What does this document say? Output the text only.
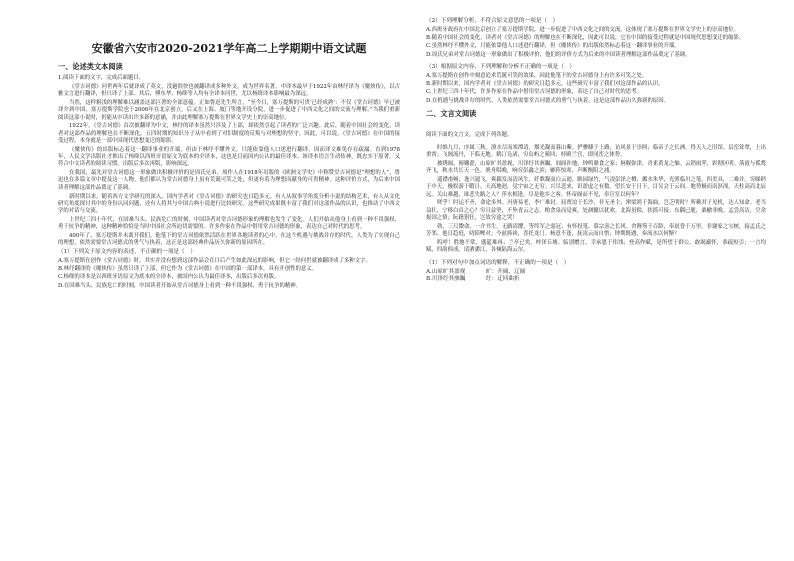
安徽省六安市2020-2021学年高二上学期期中语文试题
一、论述类文本阅读

1.阅读下面的文字，完成后面题目。

《堂吉诃德》问世两年后就译成了英文，没過很快也被翻译成多种外文，成为世界名著。中译本最早于1922年由林纾译为《魔侠传》，以古雅文言进行翻译，但只译了上部。其后，傅东华、杨绛等人均有全译本问世，尤以杨绛译本影响最为深远。

当然，这样粗浅的理解难以涵盖这部巨著的全部意蕴。正如鲁迅先生所言，“至今日，塞万提斯的可贵‘已经成熟’：不仅《堂吉诃德》早已被译介到中国，塞万提斯学院也于2006年在北京创立，后又在上海、厦门等地开设分院，进一步促进了中西文化之间的交流与理解。”当我们重新阅读这部小说时，仍能从中读出许多新的意涵，并由此理解塞万提斯在世界文学史上的崇高地位。

1922年，《堂吉诃德》首次被翻译为中文，林纾的译本虽然只涉及了上部，却依然引起了读者的广泛兴趣。此后，随着中国社会的变化，读者对这部作品的理解也在不断深化。五四时期的知识分子从中看到了对旧制度的反叛与对理想的坚守。因此，可以说，《堂吉诃德》在中国的接受过程，本身就是一部中国现代思想变迁的缩影。

《魔侠传》的出版标志着这一翻译事业的开端，但由于林纾不懂外文，只能依靠他人口述进行翻译，因而译文难免存在疏漏。直到1978年，人民文学出版社才推出了杨绛以西班牙语原文为底本的全译本，这也是目前国内公认的最佳译本。该译本语言生动传神，既忠实于原著，又符合中文读者的阅读习惯，出版后多次再版，影响深远。

在我国，最先对堂吉诃德这一形象做出积极评价的是周氏兄弟。周作人在1918年出版的《欧洲文学史》中称赞堂吉诃德是“理想的人”，鲁迅也在多篇文章中提及这一人物。他们都认为堂吉诃德身上虽有荒诞可笑之处，但更有着为理想而献身的可贵精神。这种评价方式，为后来中国读者理解这部作品奠定了基调。

新时期以来，随着西方文学研究的深入，国内学者对《堂吉诃德》的研究也日趋多元。有人从叙事学角度分析小说的结构艺术，有人从文化研究角度探讨其中的身份认同问题，还有人将其与中国古典小说进行比较研究。这些研究成果既丰富了我们对这部作品的认识，也推动了中西文学的对话与交流。

上世纪三四十年代，在国难当头、民族危亡的时刻，中国读者对堂吉诃德形象的理解也发生了变化。人们开始从他身上看到一种不畏强权、勇于抗争的精神，这种精神恰恰是当时中国社会所迫切需要的。许多作家在作品中借用堂吉诃德的形象，表达自己对时代的思考。

400年了，塞万提斯并未离开我们。他笔下的堂吉诃德依然活跃在世界各地读者的心中。在这个机遇与挑战并存的时代，人类为了实现自己的理想，依然需要堂吉诃德式的勇气与执着，这正是这部经典作品历久弥新的原因所在。

（1）下列关于原文内容的表述，不正确的一项是（　）
A.塞万提斯在创作《堂吉诃德》时，其实并没有想到这部作品会在日后产生如此深远的影响，但它一经问世就被翻译成了多种文字。
B.林纾翻译的《魔侠传》虽然只译了上部，但它作为《堂吉诃德》在中国的第一部译本，具有开创性的意义。
C.杨绛的译本是以西班牙语原文为底本的全译本，被国内公认为最佳译本，出版后多次再版。
D.在国难当头、民族危亡的时刻，中国读者开始从堂吉诃德身上看到一种不畏强权、勇于抗争的精神。
（2）下列理解分析，不符合原文意思的一项是（　）
A.西班牙政府在中国北京创立了塞万提斯学院，进一步促进了中西文化之间的交流，这体现了塞万提斯在世界文学史上的崇高地位。
B.随着中国社会的变化，读者对《堂吉诃德》的理解也在不断深化，因此可以说，它在中国的接受过程就是中国现代思想变迁的缩影。
C.虽然林纾不懂外文，只能依靠他人口述进行翻译，但《魔侠传》的出版依然标志着这一翻译事业的开端。
D.周氏兄弟对堂吉诃德这一形象做出了积极评价，他们的评价方式为后来的中国读者理解这部作品奠定了基调。
（3）根据原文内容，下列理解和分析不正确的一项是（　）
A.塞万提斯在创作中刻意追求荒诞可笑的效果，因此他笔下的堂吉诃德身上有许多可笑之处。
B.新时期以来，国内学者对《堂吉诃德》的研究日趋多元，这些研究丰富了我们对这部作品的认识。
C.上世纪三四十年代，许多作家在作品中借用堂吉诃德的形象，表达了自己对时代的思考。
D.在机遇与挑战并存的时代，人类依然需要堂吉诃德式的勇气与执着，这是这部作品历久弥新的原因。
二、文言文阅读

阅读下面的文言文，完成下列各题。

时维九月，序属三秋。潦水尽而寒潭清，烟光凝而暮山紫。俨骖騑于上路，访风景于崇阿；临帝子之长洲，得天人之旧馆。层峦耸翠，上出重霄；飞阁流丹，下临无地。鹤汀凫渚，穷岛屿之萦回；桂殿兰宫，即冈峦之体势。

披绣闼，俯雕甍，山原旷其盈视，川泽纡其骇瞩。闾阎扑地，钟鸣鼎食之家；舸舰弥津，青雀黄龙之舳。云销雨霁，彩彻区明。落霞与孤鹜齐飞，秋水共长天一色。渔舟唱晚，响穷彭蠡之滨；雁阵惊寒，声断衡阳之浦。

遥襟甫畅，逸兴遄飞。爽籁发而清风生，纤歌凝而白云遏。睢园绿竹，气凌彭泽之樽；邺水朱华，光照临川之笔。四美具，二难并。穷睇眄于中天，极娱游于暇日。天高地迥，觉宇宙之无穷；兴尽悲来，识盈虚之有数。望长安于日下，目吴会于云间。地势极而南溟深，天柱高而北辰远。关山难越，谁悲失路之人？萍水相逢，尽是他乡之客。怀帝阍而不见，奉宣室以何年？

嗟乎！时运不齐，命途多舛。冯唐易老，李广难封。屈贾谊于长沙，非无圣主；窜梁鸿于海曲，岂乏明时？所赖君子见机，达人知命。老当益壮，宁移白首之心？穷且益坚，不坠青云之志。酌贪泉而觉爽，处涸辙以犹欢。北海虽赊，扶摇可接；东隅已逝，桑榆非晚。孟尝高洁，空余报国之情；阮籍猖狂，岂效穷途之哭！

勃，三尺微命，一介书生。无路请缨，等终军之弱冠；有怀投笔，慕宗悫之长风。舍簪笏于百龄，奉晨昏于万里。非谢家之宝树，接孟氏之芳邻。他日趋庭，叨陪鲤对；今兹捧袂，喜托龙门。杨意不逢，抚凌云而自惜；钟期既遇，奏流水以何惭？

呜呼！胜地不常，盛筵难再；兰亭已矣，梓泽丘墟。临别赠言，幸承恩于伟饯；登高作赋，是所望于群公。敢竭鄙怀，恭疏短引；一言均赋，四韵俱成。请洒潘江，各倾陆海云尔。

（1）下列对句中加点词语的解释，不正确的一项是（　）
A.山原旷其盈视	旷：开阔、辽阔
B.川泽纡其骇瞩	纡：迂回曲折
